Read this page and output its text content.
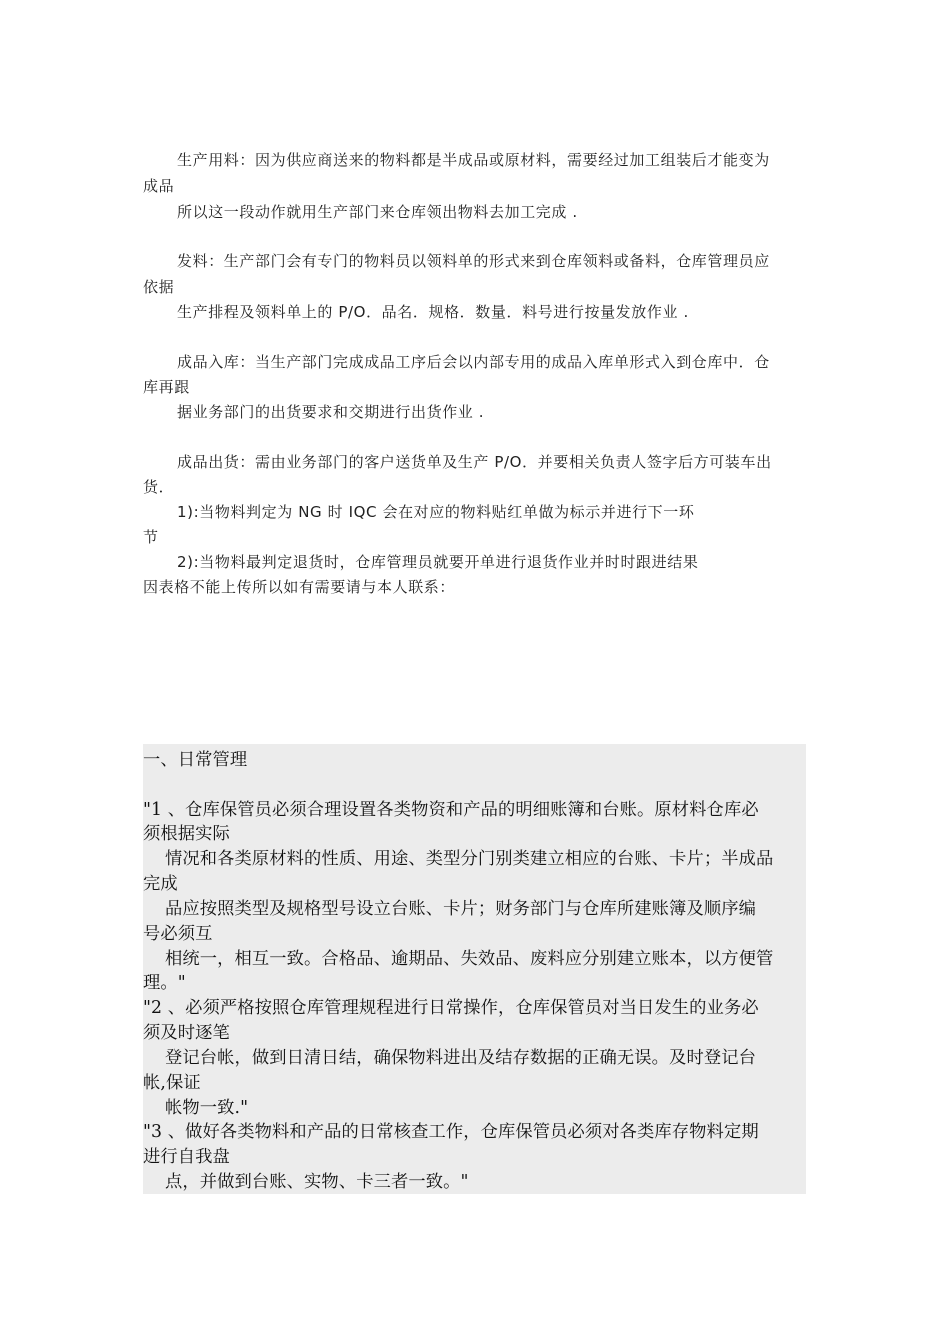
生产用料：因为供应商送来的物料都是半成品或原材料，需要经过加工组装后才能变为
成品
所以这一段动作就用生产部门来仓库领出物料去加工完成 .
发料：生产部门会有专门的物料员以领料单的形式来到仓库领料或备料，仓库管理员应
依据
生产排程及领料单上的 P/O．品名．规格．数量．料号进行按量发放作业 .
成品入库：当生产部门完成成品工序后会以内部专用的成品入库单形式入到仓库中．仓
库再跟
据业务部门的出货要求和交期进行出货作业 .
成品出货：需由业务部门的客户送货单及生产 P/O．并要相关负责人签字后方可装车出
货．
1):当物料判定为 NG 时 IQC 会在对应的物料贴红单做为标示并进行下一环
节
2):当物料最判定退货时，仓库管理员就要开单进行退货作业并时时跟进结果
因表格不能上传所以如有需要请与本人联系：
一、日常管理
"1 、仓库保管员必须合理设置各类物资和产品的明细账簿和台账。原材料仓库必
须根据实际
情况和各类原材料的性质、用途、类型分门别类建立相应的台账、卡片；半成品
完成
品应按照类型及规格型号设立台账、卡片；财务部门与仓库所建账簿及顺序编
号必须互
相统一，相互一致。合格品、逾期品、失效品、废料应分别建立账本，以方便管
理。"
"2 、必须严格按照仓库管理规程进行日常操作，仓库保管员对当日发生的业务必
须及时逐笔
登记台帐，做到日清日结，确保物料进出及结存数据的正确无误。及时登记台
帐,保证
帐物一致."
"3 、做好各类物料和产品的日常核查工作，仓库保管员必须对各类库存物料定期
进行自我盘
点，并做到台账、实物、卡三者一致。"
